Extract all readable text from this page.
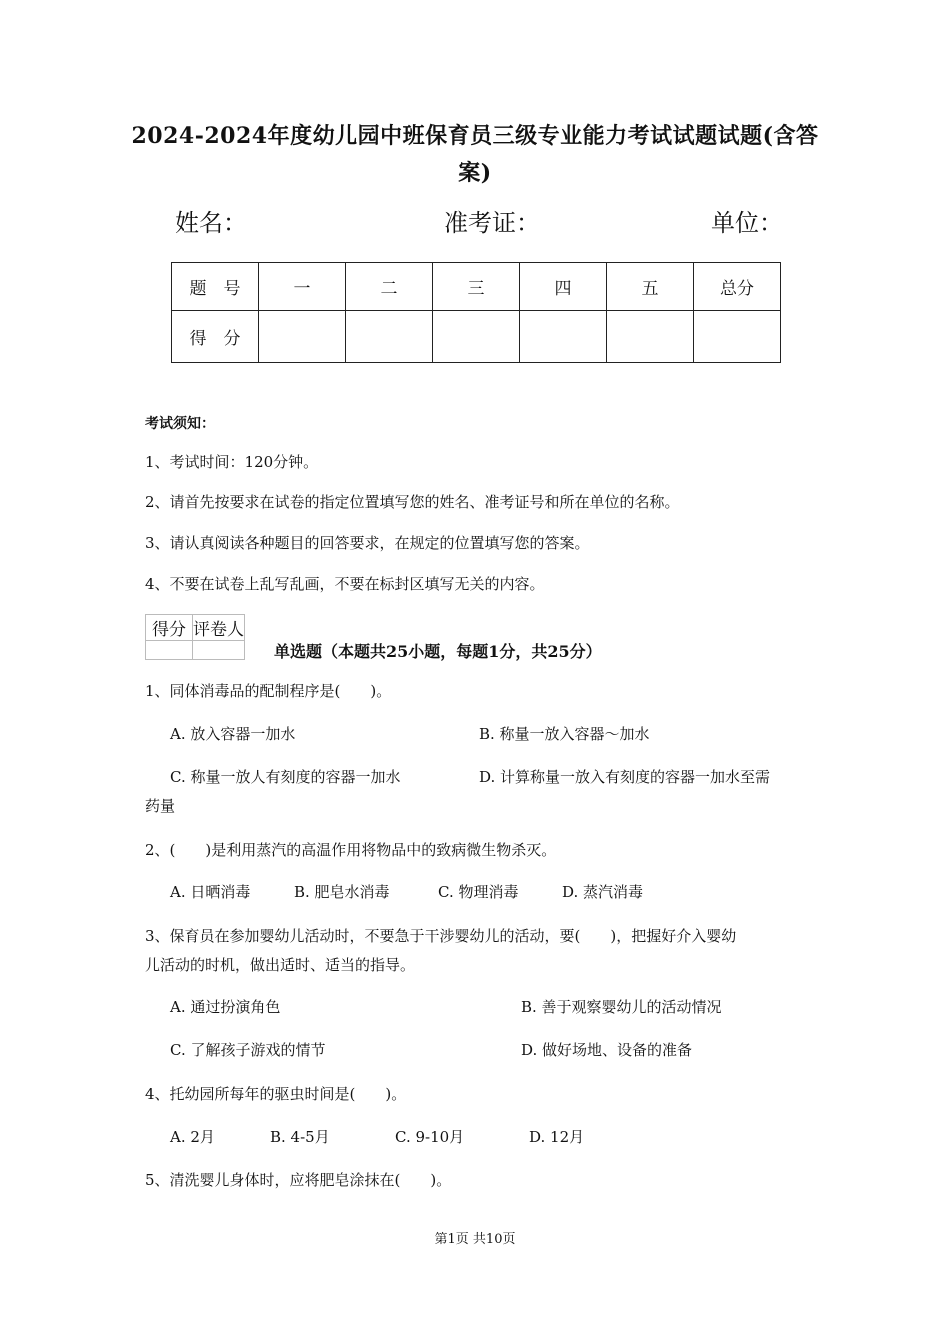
2024-2024年度幼儿园中班保育员三级专业能力考试试题试题(含答
案)
姓名：	准考证：	单位：
题　号	一	二	三	四	五	总分
得　分						
考试须知：
1、考试时间：120分钟。
2、请首先按要求在试卷的指定位置填写您的姓名、准考证号和所在单位的名称。
3、请认真阅读各种题目的回答要求，在规定的位置填写您的答案。
4、不要在试卷上乱写乱画，不要在标封区填写无关的内容。
得分	评卷人

单选题（本题共25小题，每题1分，共25分）
1、同体消毒品的配制程序是(　　)。
A. 放入容器一加水	B. 称量一放入容器～加水
C. 称量一放人有刻度的容器一加水	D. 计算称量一放入有刻度的容器一加水至需
药量
2、(　　)是利用蒸汽的高温作用将物品中的致病微生物杀灭。
A. 日晒消毒	B. 肥皂水消毒	C. 物理消毒	D. 蒸汽消毒
3、保育员在参加婴幼儿活动时，不要急于干涉婴幼儿的活动，要(　　)，把握好介入婴幼
儿活动的时机，做出适时、适当的指导。
A. 通过扮演角色	B. 善于观察婴幼儿的活动情况
C. 了解孩子游戏的情节	D. 做好场地、设备的准备
4、托幼园所每年的驱虫时间是(　　)。
A. 2月	B. 4-5月	C. 9-10月	D. 12月
5、清洗婴儿身体时，应将肥皂涂抹在(　　)。
第1页 共10页
